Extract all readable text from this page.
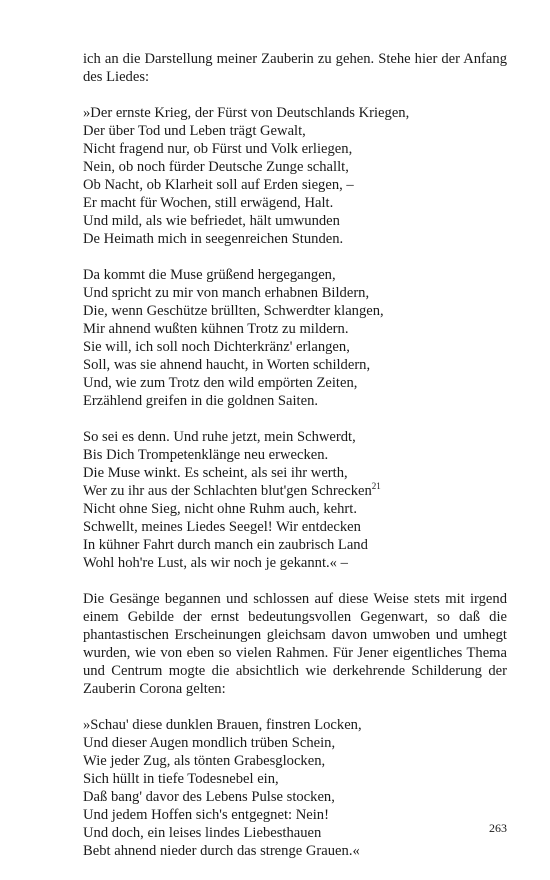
ich an die Darstellung meiner Zauberin zu gehen. Stehe hier der Anfang des Liedes:

»Der ernste Krieg, der Fürst von Deutschlands Kriegen,
Der über Tod und Leben trägt Gewalt,
Nicht fragend nur, ob Fürst und Volk erliegen,
Nein, ob noch fürder Deutsche Zunge schallt,
Ob Nacht, ob Klarheit soll auf Erden siegen, –
Er macht für Wochen, still erwägend, Halt.
Und mild, als wie befriedet, hält umwunden
De Heimath mich in seegenreichen Stunden.

Da kommt die Muse grüßend hergegangen,
Und spricht zu mir von manch erhabnen Bildern,
Die, wenn Geschütze brüllten, Schwerdter klangen,
Mir ahnend wußten kühnen Trotz zu mildern.
Sie will, ich soll noch Dichterkränz' erlangen,
Soll, was sie ahnend haucht, in Worten schildern,
Und, wie zum Trotz den wild empörten Zeiten,
Erzählend greifen in die goldnen Saiten.

So sei es denn. Und ruhe jetzt, mein Schwerdt,
Bis Dich Trompetenklänge neu erwecken.
Die Muse winkt. Es scheint, als sei ihr werth,
Wer zu ihr aus der Schlachten blut'gen Schrecken$^{21}$
Nicht ohne Sieg, nicht ohne Ruhm auch, kehrt.
Schwellt, meines Liedes Seegel! Wir entdecken
In kühner Fahrt durch manch ein zaubrisch Land
Wohl hoh're Lust, als wir noch je gekannt.« –

Die Gesänge begannen und schlossen auf diese Weise stets mit irgend einem Gebilde der ernst bedeutungsvollen Gegenwart, so daß die phantastischen Erscheinungen gleichsam davon umwoben und umhegt wurden, wie von eben so vielen Rahmen. Für Jener eigentliches Thema und Centrum mogte die absichtlich wie derkehrende Schilderung der Zauberin Corona gelten:

»Schau' diese dunklen Brauen, finstren Locken,
Und dieser Augen mondlich trüben Schein,
Wie jeder Zug, als tönten Grabesglocken,
Sich hüllt in tiefe Todesnebel ein,
Daß bang' davor des Lebens Pulse stocken,
Und jedem Hoffen sich's entgegnet: Nein!
Und doch, ein leises lindes Liebesthauen
Bebt ahnend nieder durch das strenge Grauen.«

263
